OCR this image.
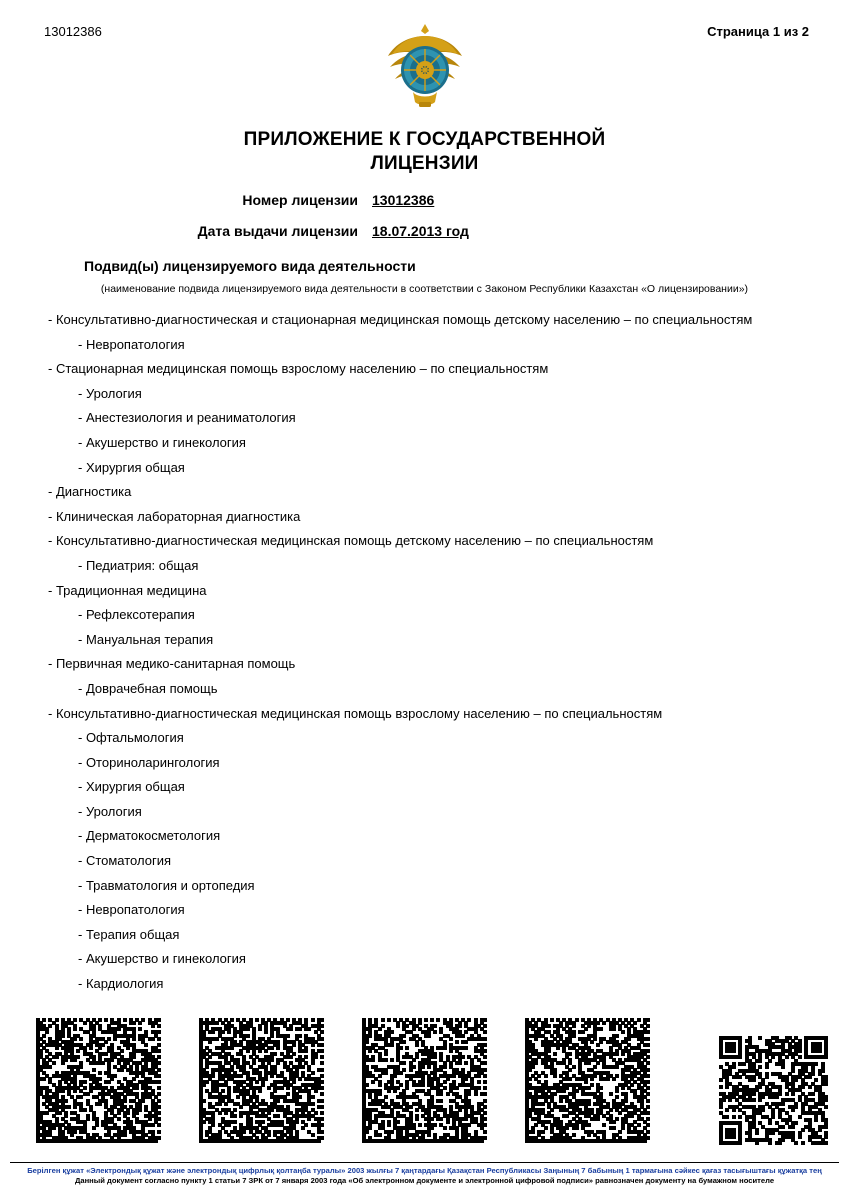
13012386	Страница 1 из 2
ПРИЛОЖЕНИЕ К ГОСУДАРСТВЕННОЙ
ЛИЦЕНЗИИ
Номер лицензии	13012386
Дата выдачи лицензии	18.07.2013 год
Подвид(ы) лицензируемого вида деятельности
(наименование подвида лицензируемого вида деятельности в соответствии с Законом Республики Казахстан «О лицензировании»)
- Консультативно-диагностическая и стационарная медицинская помощь детскому населению – по специальностям
- Невропатология
- Стационарная медицинская помощь взрослому населению – по специальностям
- Урология
- Анестезиология и реаниматология
- Акушерство и гинекология
- Хирургия общая
- Диагностика
- Клиническая лабораторная диагностика
- Консультативно-диагностическая медицинская помощь детскому населению – по специальностям
- Педиатрия: общая
- Традиционная медицина
- Рефлексотерапия
- Мануальная терапия
- Первичная медико-санитарная помощь
- Доврачебная помощь
- Консультативно-диагностическая медицинская помощь взрослому населению – по специальностям
- Офтальмология
- Оториноларингология
- Хирургия общая
- Урология
- Дерматокосметология
- Стоматология
- Травматология и ортопедия
- Невропатология
- Терапия общая
- Акушерство и гинекология
- Кардиология
Берілген құжат «Электрондық құжат және электрондық цифрлық қолтаңба туралы» 2003 жылғы 7 қаңтардағы Қазақстан Республикасы Заңының 7 бабының 1 тармағына сәйкес қағаз тасығыштағы құжатқа тең
Данный документ согласно пункту 1 статьи 7 ЗРК от 7 января 2003 года «Об электронном документе и электронной цифровой подписи» равнозначен документу на бумажном носителе
